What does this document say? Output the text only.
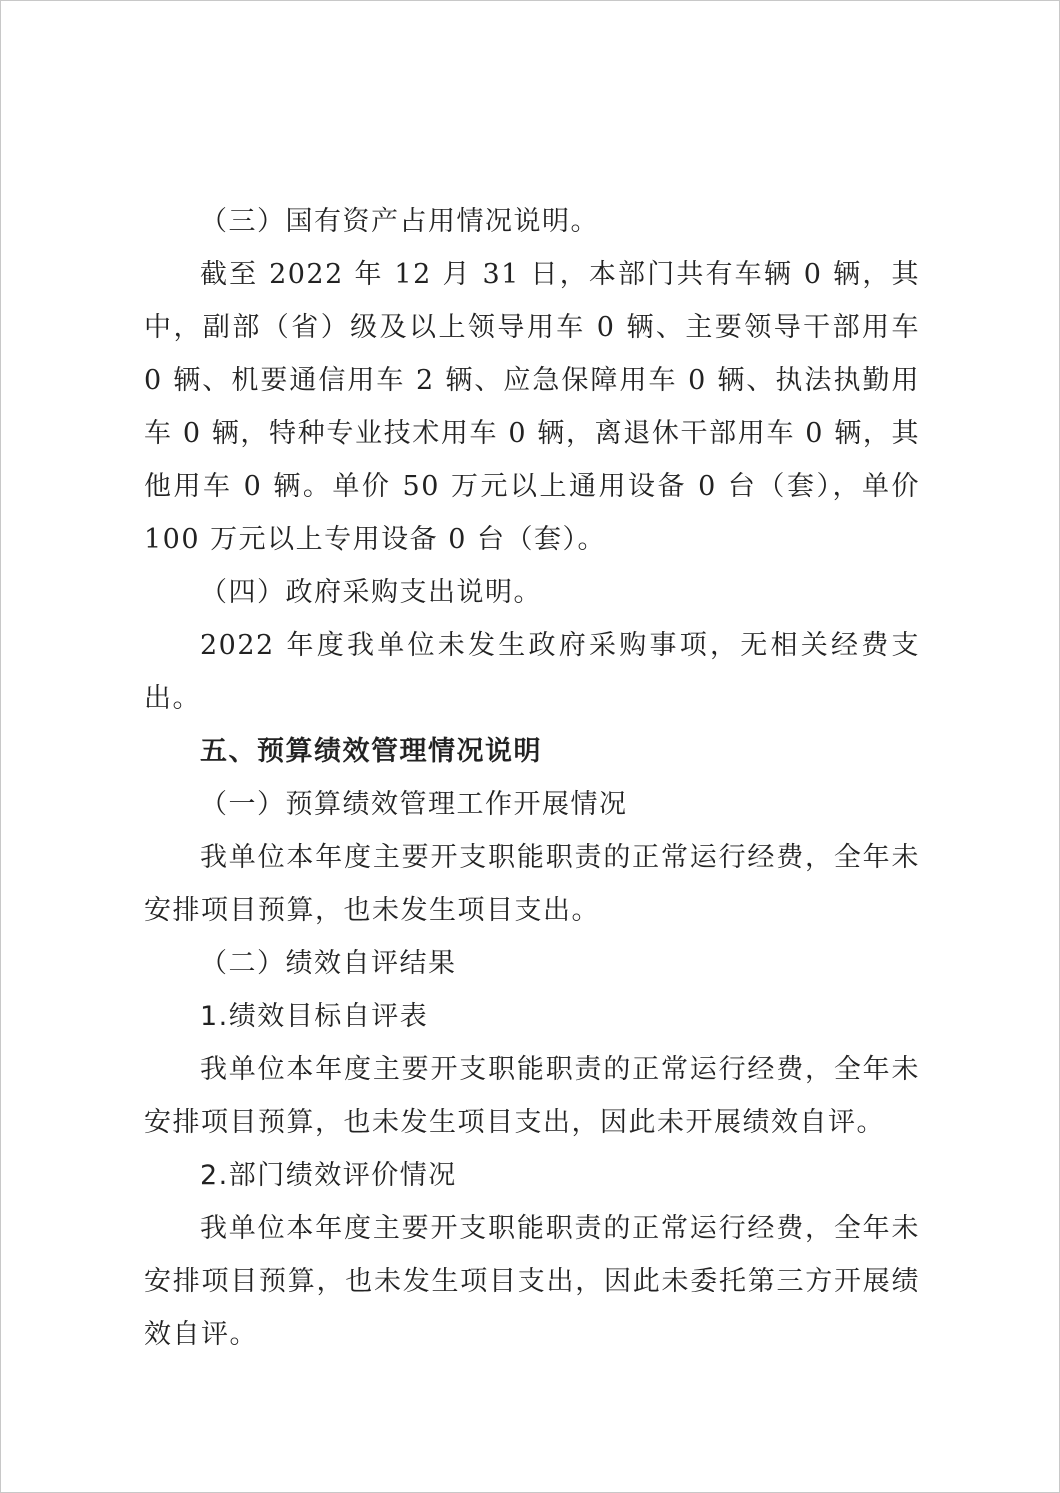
（三）国有资产占用情况说明。

截至 2022 年 12 月 31 日，本部门共有车辆 0 辆，其中，副部（省）级及以上领导用车 0 辆、主要领导干部用车 0 辆、机要通信用车 2 辆、应急保障用车 0 辆、执法执勤用车 0 辆，特种专业技术用车 0 辆，离退休干部用车 0 辆，其他用车 0 辆。单价 50 万元以上通用设备 0 台（套），单价 100 万元以上专用设备 0 台（套）。

（四）政府采购支出说明。

2022 年度我单位未发生政府采购事项，无相关经费支出。

五、预算绩效管理情况说明

（一）预算绩效管理工作开展情况

我单位本年度主要开支职能职责的正常运行经费，全年未安排项目预算，也未发生项目支出。

（二）绩效自评结果

1.绩效目标自评表

我单位本年度主要开支职能职责的正常运行经费，全年未安排项目预算，也未发生项目支出，因此未开展绩效自评。

2.部门绩效评价情况

我单位本年度主要开支职能职责的正常运行经费，全年未安排项目预算，也未发生项目支出，因此未委托第三方开展绩效自评。
